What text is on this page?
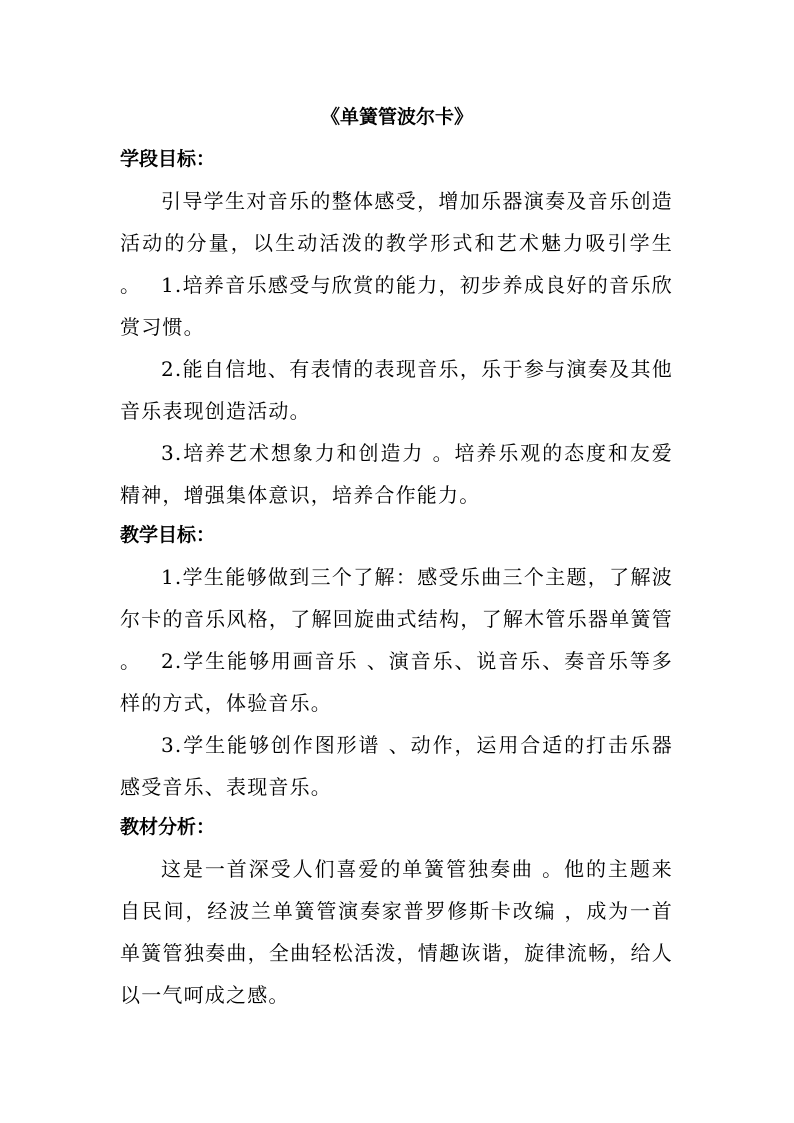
《单簧管波尔卡》
学段目标：

引导学生对音乐的整体感受，增加乐器演奏及音乐创造活动的分量，以生动活泼的教学形式和艺术魅力吸引学生 。 1.培养音乐感受与欣赏的能力，初步养成良好的音乐欣赏习惯。

2.能自信地、有表情的表现音乐，乐于参与演奏及其他音乐表现创造活动。

3.培养艺术想象力和创造力 。培养乐观的态度和友爱精神，增强集体意识，培养合作能力。

教学目标：

1.学生能够做到三个了解：感受乐曲三个主题，了解波尔卡的音乐风格，了解回旋曲式结构，了解木管乐器单簧管 。 2.学生能够用画音乐 、演音乐、说音乐、奏音乐等多样的方式，体验音乐。

3.学生能够创作图形谱 、动作，运用合适的打击乐器感受音乐、表现音乐。

教材分析：

这是一首深受人们喜爱的单簧管独奏曲 。他的主题来自民间，经波兰单簧管演奏家普罗修斯卡改编 ，成为一首单簧管独奏曲，全曲轻松活泼，情趣诙谐，旋律流畅，给人以一气呵成之感。
